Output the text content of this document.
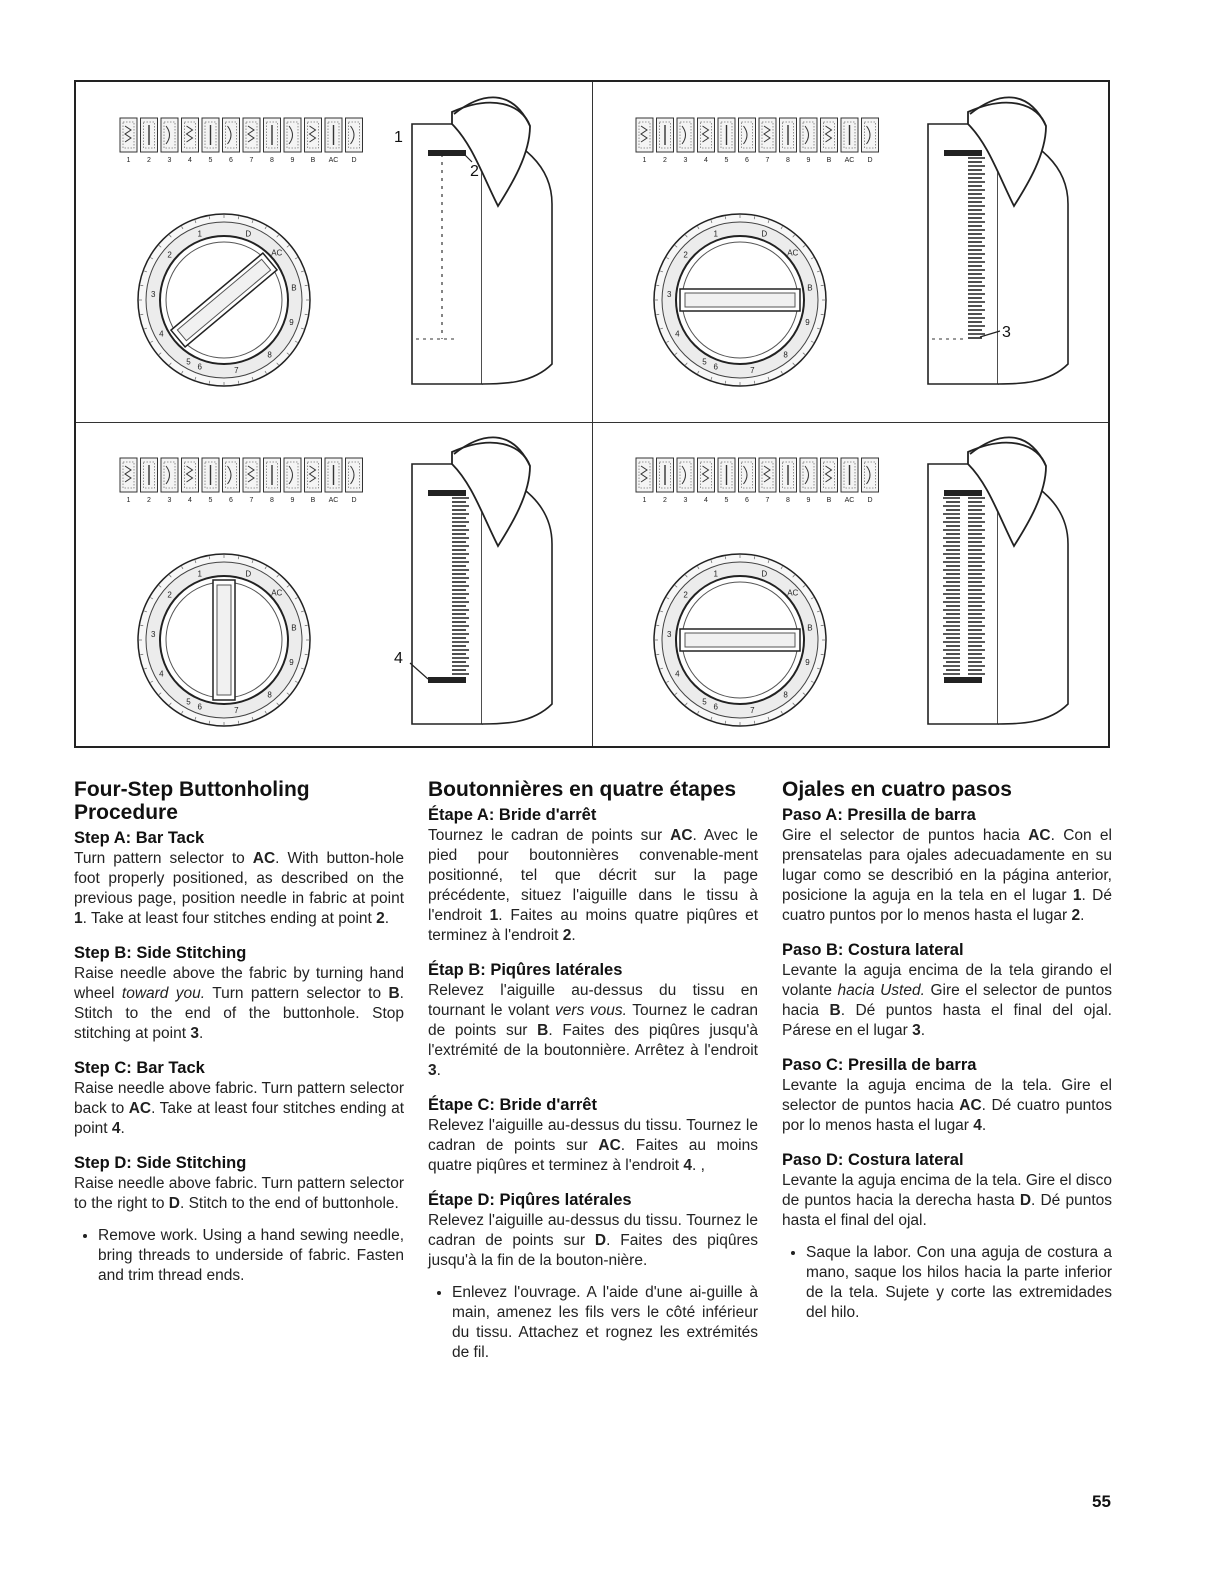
1 2 3 4 5 6 7 8 9 B AC D
1
2
3
4
5
6	7
8
9
B
AC
D
1
2
1 2 3 4 5 6 7 8 9 B AC D
1
2
3
4
5
6	7
8
9
B
AC
D
3
1 2 3 4 5 6 7 8 9 B AC D
1
2
3
4
5
6	7
8
9
B
AC
D
4
1 2 3 4 5 6 7 8 9 B AC D
1
2
3
4
5
6	7
8
9
B
AC
D
Four-Step Buttonholing Procedure
Step A: Bar Tack

Turn pattern selector to AC. With button-hole foot properly positioned, as described on the previous page, position needle in fabric at point 1. Take at least four stitches ending at point 2.

Step B: Side Stitching

Raise needle above the fabric by turning hand wheel toward you. Turn pattern selector to B. Stitch to the end of the buttonhole. Stop stitching at point 3.

Step C: Bar Tack

Raise needle above fabric. Turn pattern selector back to AC. Take at least four stitches ending at point 4.

Step D: Side Stitching

Raise needle above fabric. Turn pattern selector to the right to D. Stitch to the end of buttonhole.

• Remove work. Using a hand sewing needle, bring threads to underside of fabric. Fasten and trim thread ends.
Boutonnières en quatre étapes
Étape A: Bride d'arrêt

Tournez le cadran de points sur AC. Avec le pied pour boutonnières convenable-ment positionné, tel que décrit sur la page précédente, situez l'aiguille dans le tissu à l'endroit 1. Faites au moins quatre piqûres et terminez à l'endroit 2.

Étap B: Piqûres latérales

Relevez l'aiguille au-dessus du tissu en tournant le volant vers vous. Tournez le cadran de points sur B. Faites des piqûres jusqu'à l'extrémité de la boutonnière. Arrêtez à l'endroit 3.

Étape C: Bride d'arrêt

Relevez l'aiguille au-dessus du tissu. Tournez le cadran de points sur AC. Faites au moins quatre piqûres et terminez à l'endroit 4. ,

Étape D: Piqûres latérales

Relevez l'aiguille au-dessus du tissu. Tournez le cadran de points sur D. Faites des piqûres jusqu'à la fin de la bouton-nière.

• Enlevez l'ouvrage. A l'aide d'une ai-guille à main, amenez les fils vers le côté inférieur du tissu. Attachez et rognez les extrémités de fil.
Ojales en cuatro pasos
Paso A: Presilla de barra

Gire el selector de puntos hacia AC. Con el prensatelas para ojales adecuadamente en su lugar como se describió en la página anterior, posicione la aguja en la tela en el lugar 1. Dé cuatro puntos por lo menos hasta el lugar 2.

Paso B: Costura lateral

Levante la aguja encima de la tela girando el volante hacia Usted. Gire el selector de puntos hacia B. Dé puntos hasta el final del ojal. Párese en el lugar 3.

Paso C: Presilla de barra

Levante la aguja encima de la tela. Gire el selector de puntos hacia AC. Dé cuatro puntos por lo menos hasta el lugar 4.

Paso D: Costura lateral

Levante la aguja encima de la tela. Gire el disco de puntos hacia la derecha hasta D. Dé puntos hasta el final del ojal.

• Saque la labor. Con una aguja de costura a mano, saque los hilos hacia la parte inferior de la tela. Sujete y corte las extremidades del hilo.
55
